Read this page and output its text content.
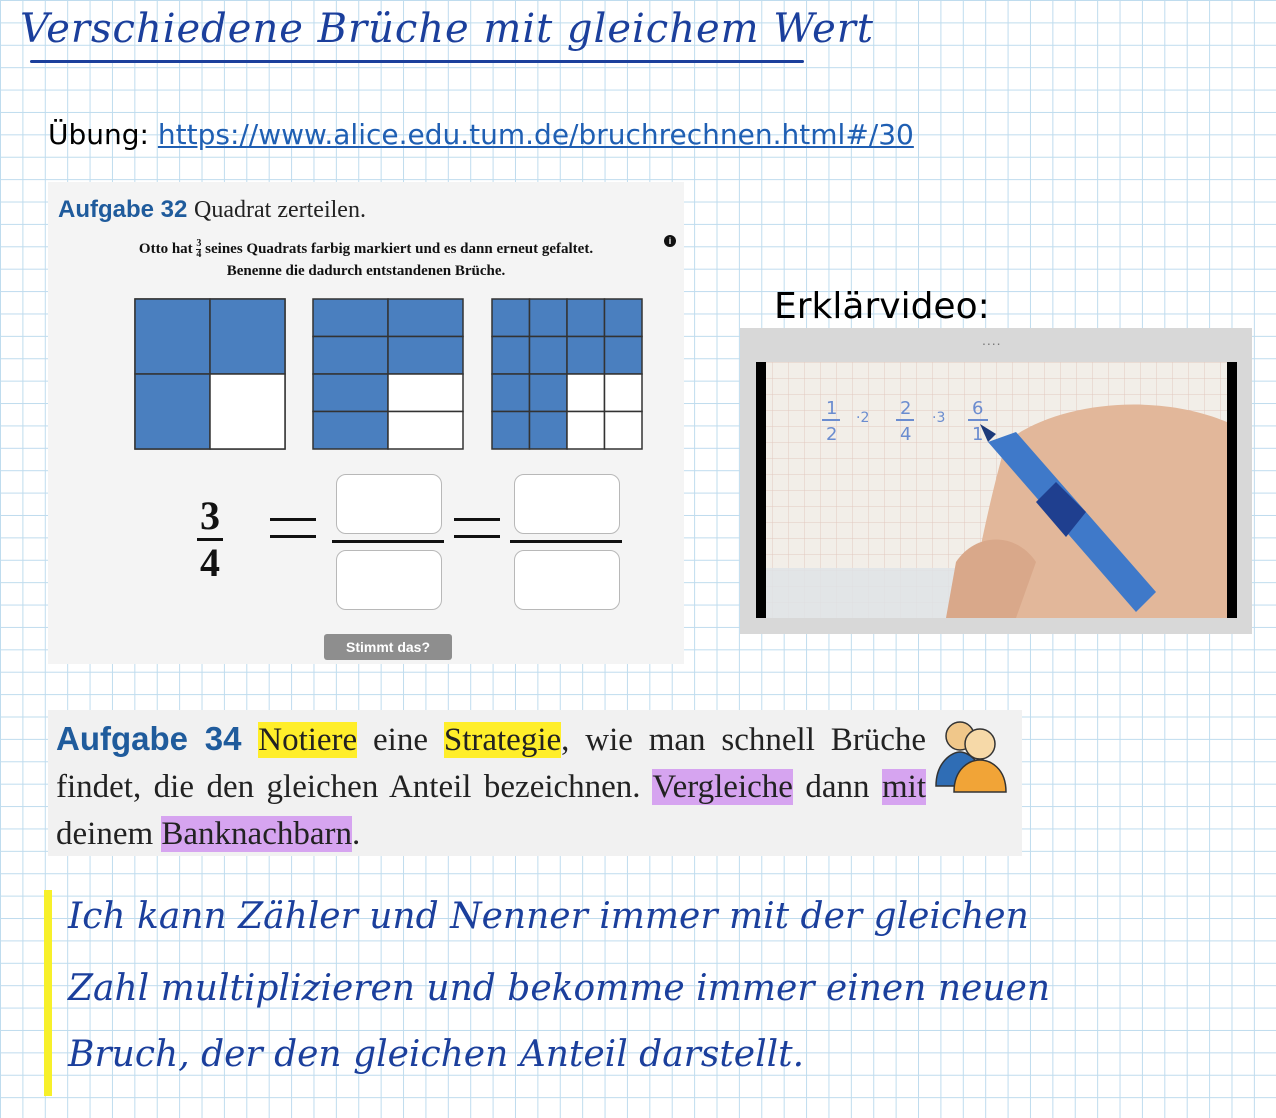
Verschiedene Brüche mit gleichem Wert
Übung: https://www.alice.edu.tum.de/bruchrechnen.html#/30
Aufgabe 32 Quadrat zerteilen.
Otto hat $\frac{3}{4}$ seines Quadrats farbig markiert und es dann erneut gefaltet.
Benenne die dadurch entstandenen Brüche.
i
3
4
Stimmt das?
Erklärvideo:
....
1
2
·2 2
4
·3 6
1
Aufgabe 34 Notiere eine Strategie, wie man schnell Brüche findet, die den gleichen Anteil bezeichnen. Vergleiche dann mit deinem Banknachbarn.
Ich kann Zähler und Nenner immer mit der gleichen
Zahl multiplizieren und bekomme immer einen neuen
Bruch, der den gleichen Anteil darstellt.
